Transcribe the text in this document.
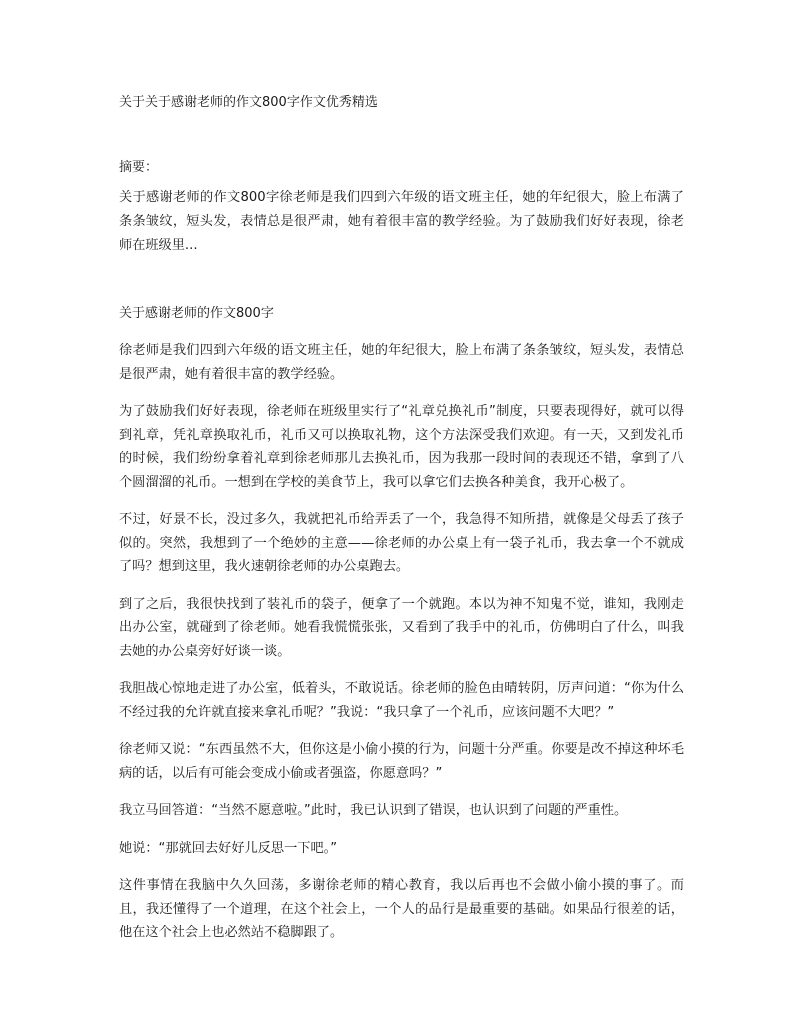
关于关于感谢老师的作文800字作文优秀精选
摘要：

关于感谢老师的作文800字徐老师是我们四到六年级的语文班主任，她的年纪很大，脸上布满了条条皱纹，短头发，表情总是很严肃，她有着很丰富的教学经验。为了鼓励我们好好表现，徐老师在班级里...

关于感谢老师的作文800字

徐老师是我们四到六年级的语文班主任，她的年纪很大，脸上布满了条条皱纹，短头发，表情总是很严肃，她有着很丰富的教学经验。

为了鼓励我们好好表现，徐老师在班级里实行了“礼章兑换礼币”制度，只要表现得好，就可以得到礼章，凭礼章换取礼币，礼币又可以换取礼物，这个方法深受我们欢迎。有一天，又到发礼币的时候，我们纷纷拿着礼章到徐老师那儿去换礼币，因为我那一段时间的表现还不错，拿到了八个圆溜溜的礼币。一想到在学校的美食节上，我可以拿它们去换各种美食，我开心极了。

不过，好景不长，没过多久，我就把礼币给弄丢了一个，我急得不知所措，就像是父母丢了孩子似的。突然，我想到了一个绝妙的主意——徐老师的办公桌上有一袋子礼币，我去拿一个不就成了吗？想到这里，我火速朝徐老师的办公桌跑去。

到了之后，我很快找到了装礼币的袋子，便拿了一个就跑。本以为神不知鬼不觉，谁知，我刚走出办公室，就碰到了徐老师。她看我慌慌张张，又看到了我手中的礼币，仿佛明白了什么，叫我去她的办公桌旁好好谈一谈。

我胆战心惊地走进了办公室，低着头，不敢说话。徐老师的脸色由晴转阴，厉声问道：“你为什么不经过我的允许就直接来拿礼币呢？”我说：“我只拿了一个礼币，应该问题不大吧？”

徐老师又说：“东西虽然不大，但你这是小偷小摸的行为，问题十分严重。你要是改不掉这种坏毛病的话，以后有可能会变成小偷或者强盗，你愿意吗？”

我立马回答道：“当然不愿意啦。”此时，我已认识到了错误，也认识到了问题的严重性。

她说：“那就回去好好儿反思一下吧。”

这件事情在我脑中久久回荡，多谢徐老师的精心教育，我以后再也不会做小偷小摸的事了。而且，我还懂得了一个道理，在这个社会上，一个人的品行是最重要的基础。如果品行很差的话，他在这个社会上也必然站不稳脚跟了。
